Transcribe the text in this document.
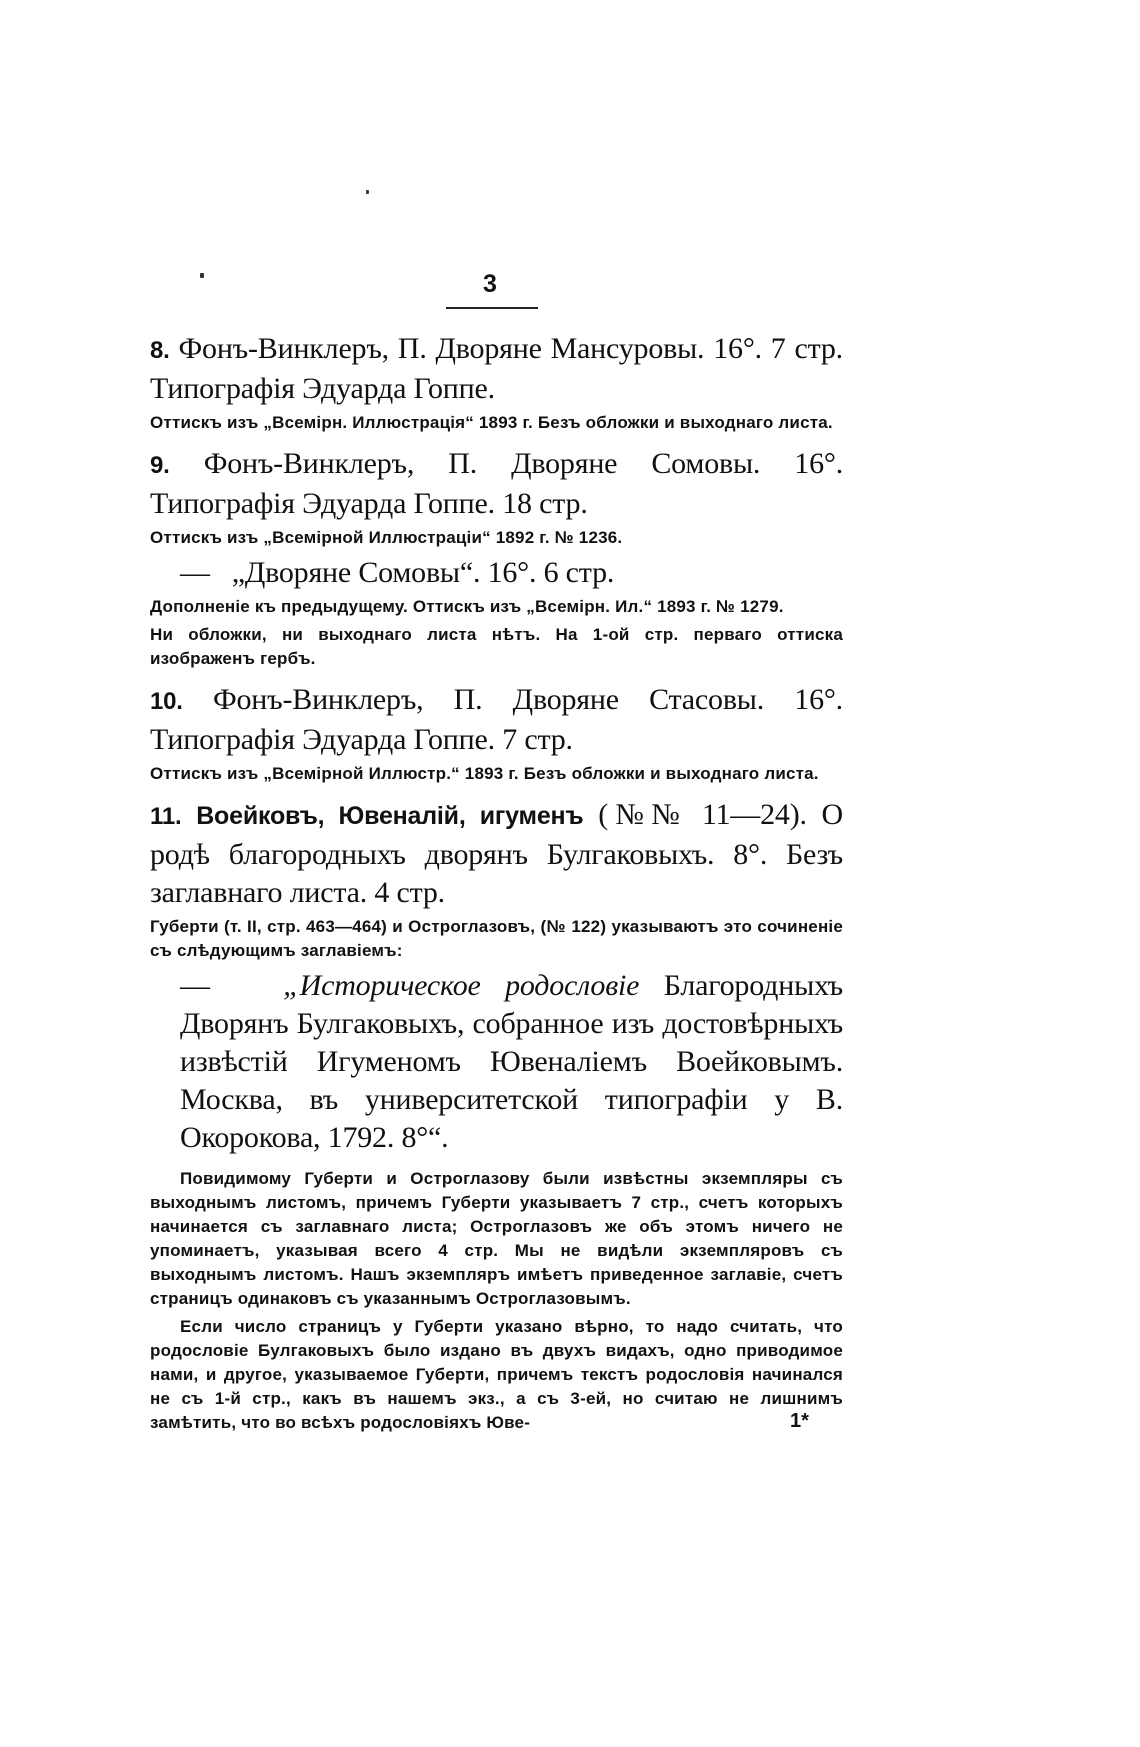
3

8. Фонъ-Винклеръ, П. Дворяне Мансуровы. 16°. 7 стр. Типографія Эдуарда Гоппе.

Оттискъ изъ „Всемірн. Иллюстрація“ 1893 г. Безъ обложки и выходнаго листа.

9. Фонъ-Винклеръ, П. Дворяне Сомовы. 16°. Типографія Эдуарда Гоппе. 18 стр.

Оттискъ изъ „Всемірной Иллюстраціи“ 1892 г. № 1236.

— „Дворяне Сомовы“. 16°. 6 стр.

Дополненіе къ предыдущему. Оттискъ изъ „Всемірн. Ил.“ 1893 г. № 1279.

Ни обложки, ни выходнаго листа нѣтъ. На 1-ой стр. перваго оттиска изображенъ гербъ.

10. Фонъ-Винклеръ, П. Дворяне Стасовы. 16°. Типографія Эдуарда Гоппе. 7 стр.

Оттискъ изъ „Всемірной Иллюстр.“ 1893 г. Безъ обложки и выходнаго листа.

11. Воейковъ, Ювеналій, игуменъ (№№ 11—24). О родѣ благородныхъ дворянъ Булгаковыхъ. 8°. Безъ заглавнаго листа. 4 стр.

Губерти (т. II, стр. 463—464) и Остроглазовъ, (№ 122) указываютъ это сочиненіе съ слѣдующимъ заглавіемъ:

— „Историческое родословіе Благородныхъ Дворянъ Булгаковыхъ, собранное изъ достовѣрныхъ извѣстій Игуменомъ Ювеналіемъ Воейковымъ. Москва, въ университетской типографіи у В. Окорокова, 1792. 8°“.

Повидимому Губерти и Остроглазову были извѣстны экземпляры съ выходнымъ листомъ, причемъ Губерти указываетъ 7 стр., счетъ которыхъ начинается съ заглавнаго листа; Остроглазовъ же объ этомъ ничего не упоминаетъ, указывая всего 4 стр. Мы не видѣли экземпляровъ съ выходнымъ листомъ. Нашъ экземпляръ имѣетъ приведенное заглавіе, счетъ страницъ одинаковъ съ указаннымъ Остроглазовымъ.

Если число страницъ у Губерти указано вѣрно, то надо считать, что родословіе Булгаковыхъ было издано въ двухъ видахъ, одно приводимое нами, и другое, указываемое Губерти, причемъ текстъ родословія начинался не съ 1-й стр., какъ въ нашемъ экз., а съ 3-ей, но считаю не лишнимъ замѣтить, что во всѣхъ родословіяхъ Юве-	1*
